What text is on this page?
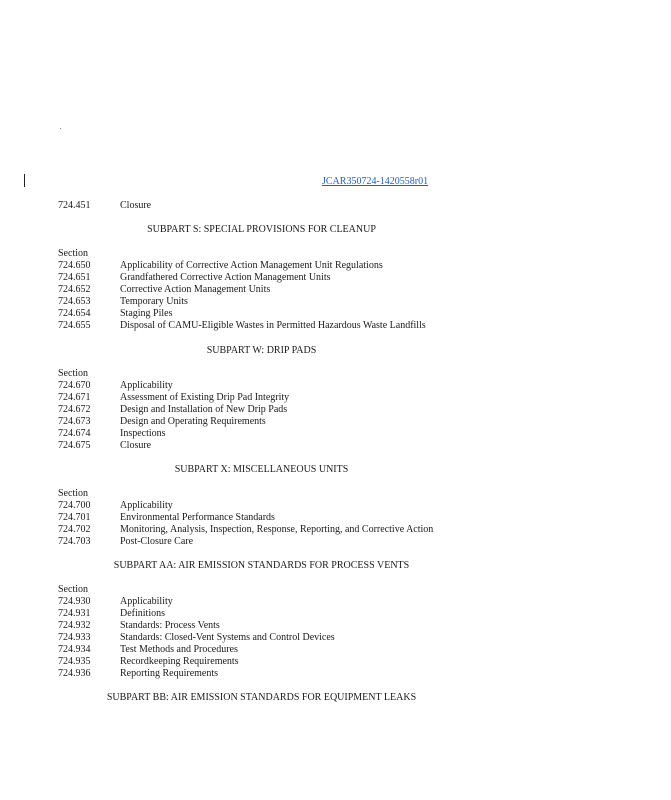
JCAR350724-1420558r01
724.451	Closure
SUBPART S: SPECIAL PROVISIONS FOR CLEANUP
Section
724.650	Applicability of Corrective Action Management Unit Regulations
724.651	Grandfathered Corrective Action Management Units
724.652	Corrective Action Management Units
724.653	Temporary Units
724.654	Staging Piles
724.655	Disposal of CAMU-Eligible Wastes in Permitted Hazardous Waste Landfills
SUBPART W: DRIP PADS
Section
724.670	Applicability
724.671	Assessment of Existing Drip Pad Integrity
724.672	Design and Installation of New Drip Pads
724.673	Design and Operating Requirements
724.674	Inspections
724.675	Closure
SUBPART X: MISCELLANEOUS UNITS
Section
724.700	Applicability
724.701	Environmental Performance Standards
724.702	Monitoring, Analysis, Inspection, Response, Reporting, and Corrective Action
724.703	Post-Closure Care
SUBPART AA: AIR EMISSION STANDARDS FOR PROCESS VENTS
Section
724.930	Applicability
724.931	Definitions
724.932	Standards: Process Vents
724.933	Standards: Closed-Vent Systems and Control Devices
724.934	Test Methods and Procedures
724.935	Recordkeeping Requirements
724.936	Reporting Requirements
SUBPART BB: AIR EMISSION STANDARDS FOR EQUIPMENT LEAKS
